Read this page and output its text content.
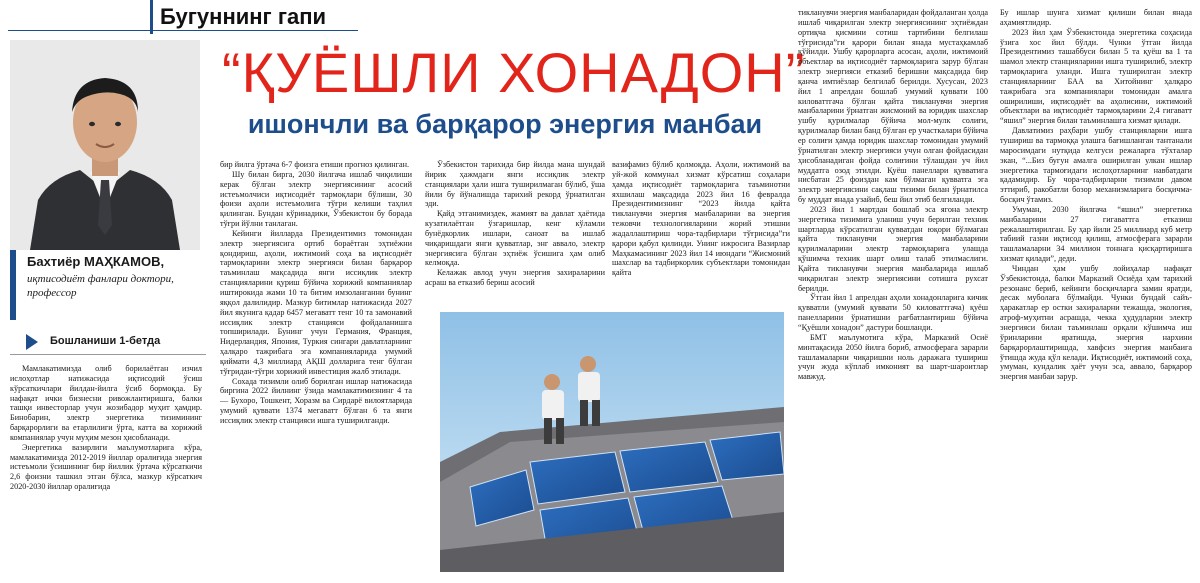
Бугуннинг гапи
“ҚУЁШЛИ ХОНАДОН”
ишончли ва барқарор энергия манбаи
Бахтиёр МАҲКАМОВ,
иқтисодиёт фанлари доктори, профессор
Бошланиши 1-бетда

Мамлакатимизда олиб борилаётган изчил ислоҳотлар натижасида иқтисодий ўсиш кўрсаткичлари йилдан-йилга ўсиб бормоқда. Бу нафақат ички бизнесни ривожлантиришга, балки ташқи инвесторлар учун жозибадор муҳит ҳамдир. Бинобарин, электр энергетика тизимининг барқарорлиги ва етарлилиги ўрта, катта ва хорижий компаниялар учун муҳим мезон ҳисобланади.

Энергетика вазирлиги маълумотларига кўра, мамлакатимизда 2012-2019 йиллар оралиғида энергия истеъмоли ўсишининг бир йиллик ўртача кўрсаткичи 2,6 фоизни ташкил этган бўлса, мазкур кўрсаткич 2020-2030 йиллар оралиғида

бир йилга ўртача 6-7 фоизга етиши прогноз қилинган.

Шу билан бирга, 2030 йилгача ишлаб чиқилиши керак бўлган электр энергиясининг асосий истеъмолчиси иқтисодиёт тармоқлари бўлиши, 30 фоизи аҳоли истеъмолига тўғри келиши таҳлил қилинган. Бундан кўринадики, Ўзбекистон бу борада тўғри йўлни танлаган.

Кейинги йилларда Президентимиз томонидан электр энергиясига ортиб бораётган эҳтиёжни қондириш, аҳоли, ижтимоий соҳа ва иқтисодиёт тармоқларини электр энергияси билан барқарор таъминлаш мақсадида янги иссиқлик электр станцияларини қуриш бўйича хорижий компаниялар иштирокида жами 10 та битим имзоланганни бунинг яққол далилидир. Мазкур битимлар натижасида 2027 йил якунига қадар 6457 мегаватт тенг 10 та замонавий иссиқлик электр станцияси фойдаланишга топширилади. Бунинг учун Германия, Франция, Нидерландия, Япония, Туркия сингари давлатларнинг ҳалқаро тажрибага эга компанияларида умумий қиймати 4,3 миллиард АҚШ долларига тенг бўлган тўғридан-тўғри хорижий инвестиция жалб этилади.

Сохада тизимли олиб борилган ишлар натижасида биргина 2022 йилнинг ўзида мамлакатимизнинг 4 та — Бухоро, Тошкент, Хоразм ва Сирдарё вилоятларида умумий қуввати 1374 мегаватт бўлган 6 та янги иссиқлик электр станцияси ишга туширилганди.

Ўзбекистон тарихида бир йилда мана шундай йирик ҳажмдаги янги иссиқлик электр станциялари ҳали ишга туширилмаган бўлиб, ўша йили бу йўналишда тарихий рекорд ўрнатилган эди.

Қайд этганимиздек, жамият ва давлат ҳаётида кузатилаётган ўзгаришлар, кенг кўламли бунёдкорлик ишлари, саноат ва ишлаб чиқаришдаги янги қувватлар, энг аввало, электр энергиясига бўлган эҳтиёж ўсишига ҳам олиб келмоқда.

Келажак авлод учун энергия захираларини асраш ва етказиб бериш асосий

вазифамиз бўлиб қолмоқда. Аҳоли, ижтимоий ва уй-жой коммунал хизмат кўрсатиш соҳалари ҳамда иқтисодиёт тармоқларига таъминотни яхшилаш мақсадида 2023 йил 16 февралда Президентимизнинг “2023 йилда қайта тикланувчи энергия манбаларини ва энергия тежовчи технологияларини жорий этишни жадаллаштириш чора-тадбирлари тўғрисида”ги қарори қабул қилинди. Унинг ижросига Вазирлар Маҳкамасининг 2023 йил 14 июндаги “Жисмоний шахслар ва тадбиркорлик субъектлари томонидан қайта

тикланувчи энергия манбаларидан фойдаланган ҳолда ишлаб чиқарилган электр энергиясининг эҳтиёждан ортиқча қисмини сотиш тартибини белгилаш тўғрисида”ги қарори билан янада мустаҳкамлаб қўйилди. Ушбу қарорларга асосан, аҳоли, ижтимоий объектлар ва иқтисодиёт тармоқларига зарур бўлган электр энергияси етказиб беришни мақсадида бир қанча имтиёзлар белгилаб берилди. Хусусан, 2023 йил 1 апрелдан бошлаб умумий қуввати 100 киловаттгача бўлган қайта тикланувчи энергия манбаларини ўрнатган жисмоний ва юридик шахслар ушбу қурилмалар бўйича мол-мулк солиғи, қурилмалар билан банд бўлган ер участкалари бўйича ер солиғи ҳамда юридик шахслар томонидан умумий ўрнатилган электр энергияси учун олган фойдасидан ҳисобланадиган фойда солиғини тўлашдан уч йил муддатга озод этилди. Қуёш панеллари қувватига нисбатан 25 фоиздан кам бўлмаган қувватга эга электр энергиясини сақлаш тизими билан ўрнатилса бу муддат янада узайиб, беш йил этиб белгиланди.

2023 йил 1 мартдан бошлаб эса ягона электр энергетика тизимига уланиш учун берилган техник шартларда кўрсатилган қувватдан юқори бўлмаган қайта тикланувчи энергия манбаларини қурилмаларини электр тармоқларига улашда қўшимча техник шарт олиш талаб этилмаслиги. Қайта тикланувчи энергия манбаларида ишлаб чиқарилган электр энергиясини сотишга рухсат берилди.

Ўтган йил 1 апрелдан аҳоли хонадонларига кичик қувватли (умумий қуввати 50 киловаттгача) қуёш панелларини ўрнатишни рағбатлантириш бўйича “Қуёшли хонадон” дастури бошланди.

БМТ маълумотига кўра, Марказий Осиё минтақасида 2050 йилга бориб, атмосферага зарарли ташламаларни чиқаришни ноль даражага тушириш учун жуда кўплаб имконият ва шарт-шароитлар мавжуд.

Бу ишлар шунга хизмат қилиши билан янада аҳамиятлидир.

2023 йил ҳам Ўзбекистонда энергетика соҳасида ўзига хос йил бўлди. Чунки ўтган йилда Президентимиз ташаббуси билан 5 та қуёш ва 1 та шамол электр станцияларини ишга туширилиб, электр тармоқларига уланди. Ишга туширилган электр станцияларнинг БАА ва Хитойнинг ҳалқаро тажрибага эга компаниялари томонидан амалга оширилиши, иқтисодиёт ва аҳолисини, ижтимоий объектлари ва иқтисодиёт тармоқларини 2,4 гигаватт “яшил” энергия билан таъминлашга хизмат қилади.

Давлатимиз раҳбари ушбу станцияларни ишга тушириш ва тармоққа улашга бағишланган тантанали маросимдаги нутқида келгуси режаларга тўхталар экан, “...Биз бугун амалга оширилган улкан ишлар энергетика тармоғидаги ислоҳотларнинг навбатдаги қадамидир. Бу чора-тадбирларни тизимли давом эттириб, ракобатли бозор механизмларига босқичма-босқич ўтамиз.

Умуман, 2030 йилгача “яшил” энергетика манбаларини 27 гигаваттга етказиш режалаштирилган. Бу ҳар йили 25 миллиард куб метр табиий газни иқтисод қилиш, атмосферага зарарли ташламаларни 34 миллион тоннага қисқартиришга хизмат қилади”, деди.

Чиндан ҳам ушбу лойиҳалар нафақат Ўзбекистонда, балки Марказий Осиёда ҳам тарихий резонанс бериб, кейинги босқичларга замин яратди, десак муболаға бўлмайди. Чунки бундай сайъ-ҳаракатлар ер остки захираларни тежашда, экология, атроф-муҳитни асрашда, чекка ҳудудларни электр энергияси билан таъминлаш орқали кўшимча иш ўринларини яратишда, энергия нархини барқарорлаштиришда, хавфсиз энергия манбаига ўтишда жуда қўл келади. Иқтисодиёт, ижтимоий соҳа, умуман, кундалик ҳаёт учун эса, аввало, барқарор энергия манбаи зарур.
